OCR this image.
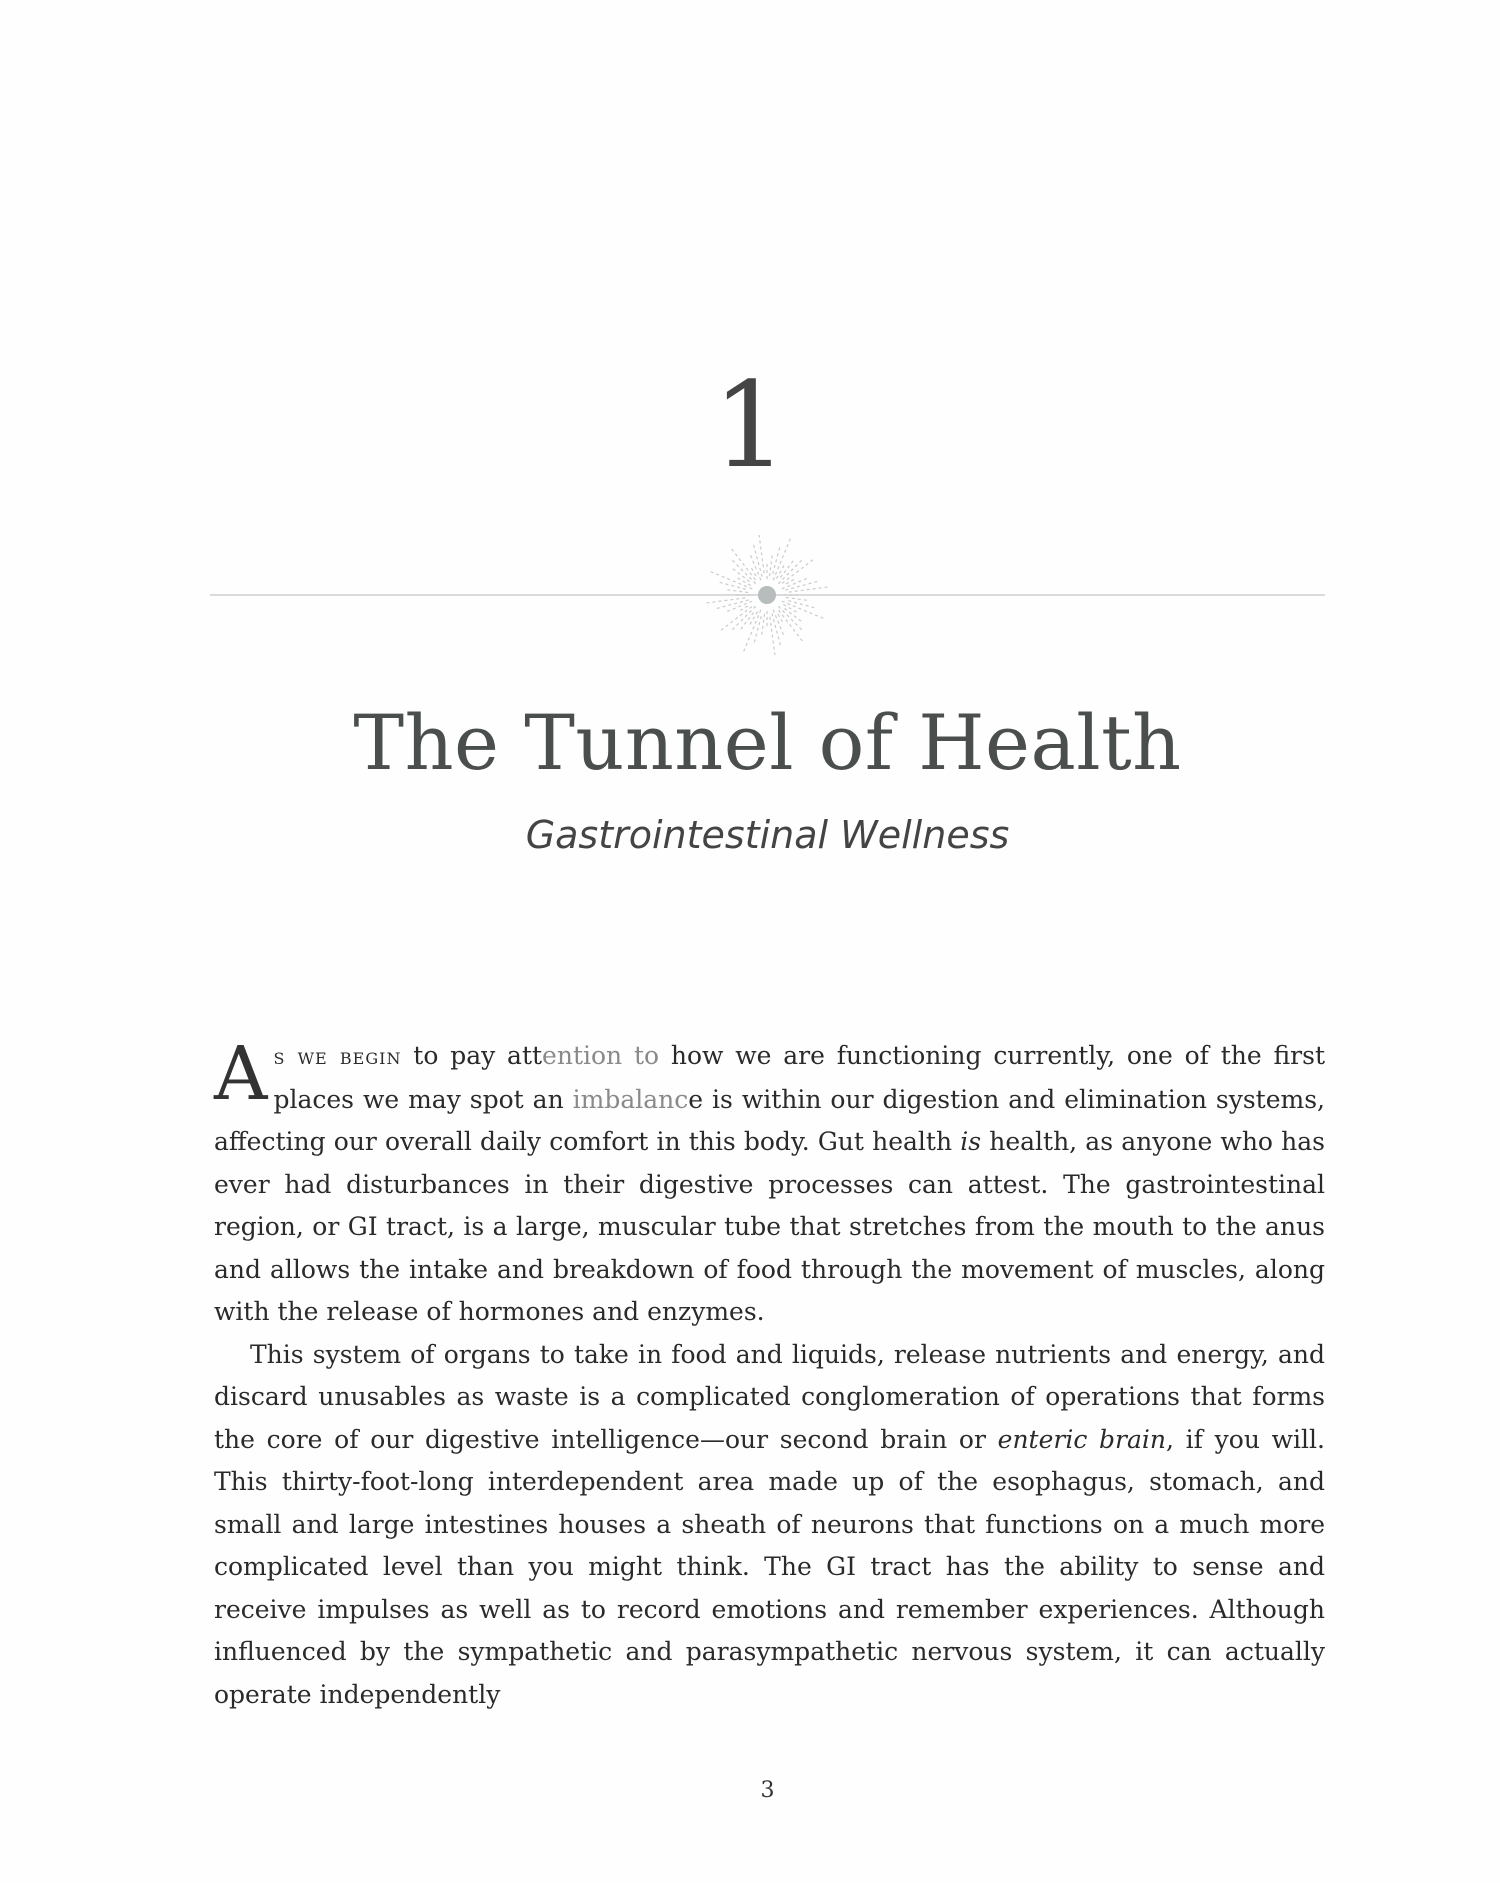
1
The Tunnel of Health
Gastrointestinal Wellness

As we begin to pay attention to how we are functioning currently, one of the first places we may spot an imbalance is within our digestion and elimination systems, affecting our overall daily comfort in this body. Gut health is health, as anyone who has ever had disturbances in their digestive processes can attest. The gastrointestinal region, or GI tract, is a large, muscular tube that stretches from the mouth to the anus and allows the intake and breakdown of food through the movement of muscles, along with the release of hormones and enzymes.

This system of organs to take in food and liquids, release nutrients and energy, and discard unusables as waste is a complicated conglomeration of operations that forms the core of our digestive intelligence—our second brain or enteric brain, if you will. This thirty-foot-long interdependent area made up of the esophagus, stomach, and small and large intestines houses a sheath of neurons that functions on a much more complicated level than you might think. The GI tract has the ability to sense and receive impulses as well as to record emotions and remember experiences. Although influenced by the sympathetic and parasympathetic nervous system, it can actually operate independently

3
